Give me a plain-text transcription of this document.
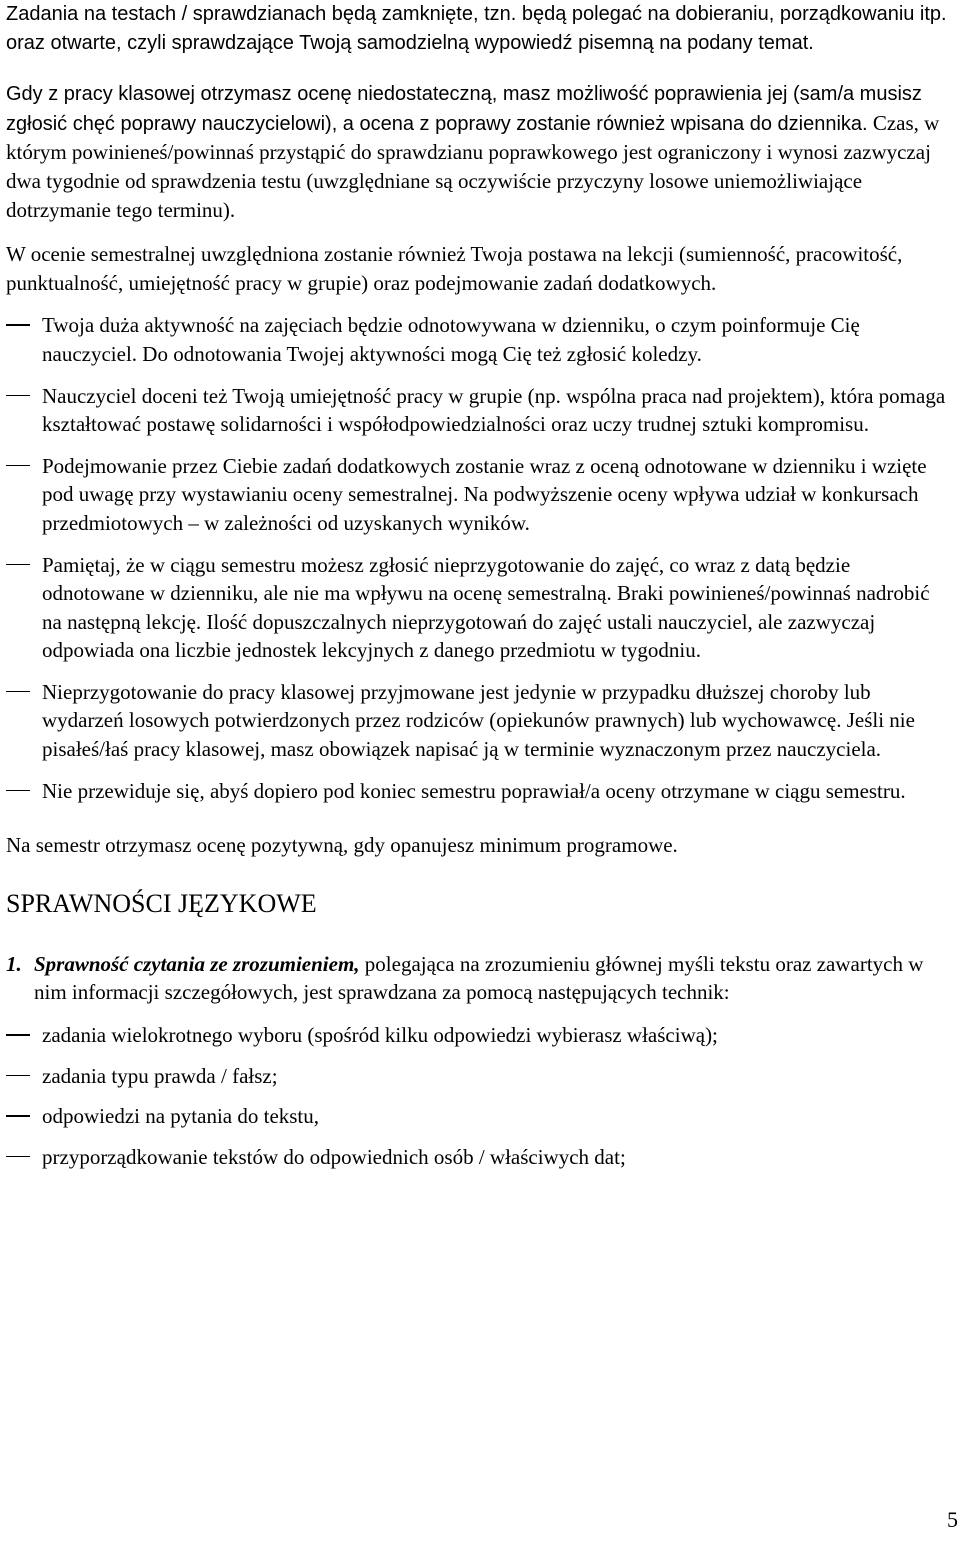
Zadania na testach / sprawdzianach będą zamknięte, tzn. będą polegać na dobieraniu, porządkowaniu itp. oraz otwarte, czyli sprawdzające Twoją samodzielną wypowiedź pisemną na podany temat.

Gdy z pracy klasowej otrzymasz ocenę niedostateczną, masz możliwość poprawienia jej (sam/a musisz zgłosić chęć poprawy nauczycielowi), a ocena z poprawy zostanie również wpisana do dziennika. Czas, w którym powinieneś/powinnaś przystąpić do sprawdzianu poprawkowego jest ograniczony i wynosi zazwyczaj dwa tygodnie od sprawdzenia testu (uwzględniane są oczywiście przyczyny losowe uniemożliwiające dotrzymanie tego terminu).

W ocenie semestralnej uwzględniona zostanie również Twoja postawa na lekcji (sumienność, pracowitość, punktualność, umiejętność pracy w grupie) oraz podejmowanie zadań dodatkowych.

Twoja duża aktywność na zajęciach będzie odnotowywana w dzienniku, o czym poinformuje Cię nauczyciel. Do odnotowania Twojej aktywności mogą Cię też zgłosić koledzy.

Nauczyciel doceni też Twoją umiejętność pracy w grupie (np. wspólna praca nad projektem), która pomaga kształtować postawę solidarności i współodpowiedzialności oraz uczy trudnej sztuki kompromisu.

Podejmowanie przez Ciebie zadań dodatkowych zostanie wraz z oceną odnotowane w dzienniku i wzięte pod uwagę przy wystawianiu oceny semestralnej. Na podwyższenie oceny wpływa udział w konkursach przedmiotowych – w zależności od uzyskanych wyników.

Pamiętaj, że w ciągu semestru możesz zgłosić nieprzygotowanie do zajęć, co wraz z datą będzie odnotowane w dzienniku, ale nie ma wpływu na ocenę semestralną. Braki powinieneś/powinnaś nadrobić na następną lekcję. Ilość dopuszczalnych nieprzygotowań do zajęć ustali nauczyciel, ale zazwyczaj odpowiada ona liczbie jednostek lekcyjnych z danego przedmiotu w tygodniu.

Nieprzygotowanie do pracy klasowej przyjmowane jest jedynie w przypadku dłuższej choroby lub wydarzeń losowych potwierdzonych przez rodziców (opiekunów prawnych) lub wychowawcę. Jeśli nie pisałeś/łaś pracy klasowej, masz obowiązek napisać ją w terminie wyznaczonym przez nauczyciela.

Nie przewiduje się, abyś dopiero pod koniec semestru poprawiał/a oceny otrzymane w ciągu semestru.

Na semestr otrzymasz ocenę pozytywną, gdy opanujesz minimum programowe.

SPRAWNOŚCI JĘZYKOWE

1. Sprawność czytania ze zrozumieniem, polegająca na zrozumieniu głównej myśli tekstu oraz zawartych w nim informacji szczegółowych, jest sprawdzana za pomocą następujących technik:

zadania wielokrotnego wyboru (spośród kilku odpowiedzi wybierasz właściwą);

zadania typu prawda / fałsz;

odpowiedzi na pytania do tekstu,

przyporządkowanie tekstów do odpowiednich osób / właściwych dat;

5
